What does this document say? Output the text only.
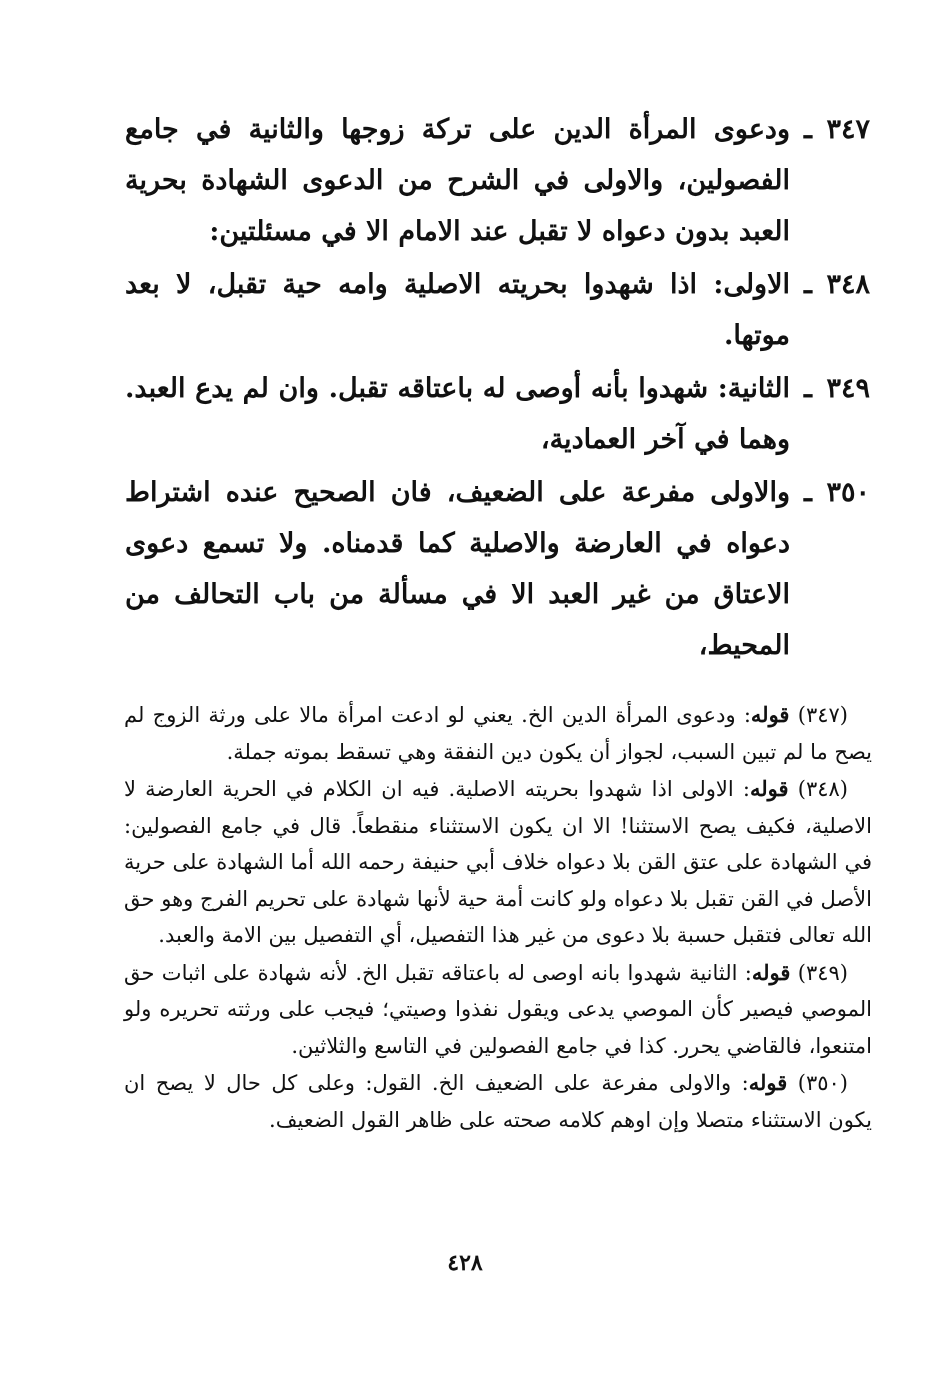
٣٤٧
ـ
ودعوى المرأة الدين على تركة زوجها والثانية في جامع الفصولين، والاولى في الشرح من الدعوى الشهادة بحرية العبد بدون دعواه لا تقبل عند الامام الا في مسئلتين:
٣٤٨
ـ
الاولى: اذا شهدوا بحريته الاصلية وامه حية تقبل، لا بعد موتها.
٣٤٩
ـ
الثانية: شهدوا بأنه أوصى له باعتاقه تقبل. وان لم يدع العبد. وهما في آخر العمادية،
٣٥٠
ـ
والاولى مفرعة على الضعيف، فان الصحيح عنده اشتراط دعواه في العارضة والاصلية كما قدمناه. ولا تسمع دعوى الاعتاق من غير العبد الا في مسألة من باب التحالف من المحيط،

(٣٤٧) قوله: ودعوى المرأة الدين الخ. يعني لو ادعت امرأة مالا على ورثة الزوج لم يصح ما لم تبين السبب، لجواز أن يكون دين النفقة وهي تسقط بموته جملة.

(٣٤٨) قوله: الاولى اذا شهدوا بحريته الاصلية. فيه ان الكلام في الحرية العارضة لا الاصلية، فكيف يصح الاستثنا! الا ان يكون الاستثناء منقطعاً. قال في جامع الفصولين: في الشهادة على عتق القن بلا دعواه خلاف أبي حنيفة رحمه الله أما الشهادة على حرية الأصل في القن تقبل بلا دعواه ولو كانت أمة حية لأنها شهادة على تحريم الفرج وهو حق الله تعالى فتقبل حسبة بلا دعوى من غير هذا التفصيل، أي التفصيل بين الامة والعبد.

(٣٤٩) قوله: الثانية شهدوا بانه اوصى له باعتاقه تقبل الخ. لأنه شهادة على اثبات حق الموصي فيصير كأن الموصي يدعى ويقول نفذوا وصيتي؛ فيجب على ورثته تحريره ولو امتنعوا، فالقاضي يحرر. كذا في جامع الفصولين في التاسع والثلاثين.

(٣٥٠) قوله: والاولى مفرعة على الضعيف الخ. القول: وعلى كل حال لا يصح ان يكون الاستثناء متصلا وإن اوهم كلامه صحته على ظاهر القول الضعيف.

٤٢٨
